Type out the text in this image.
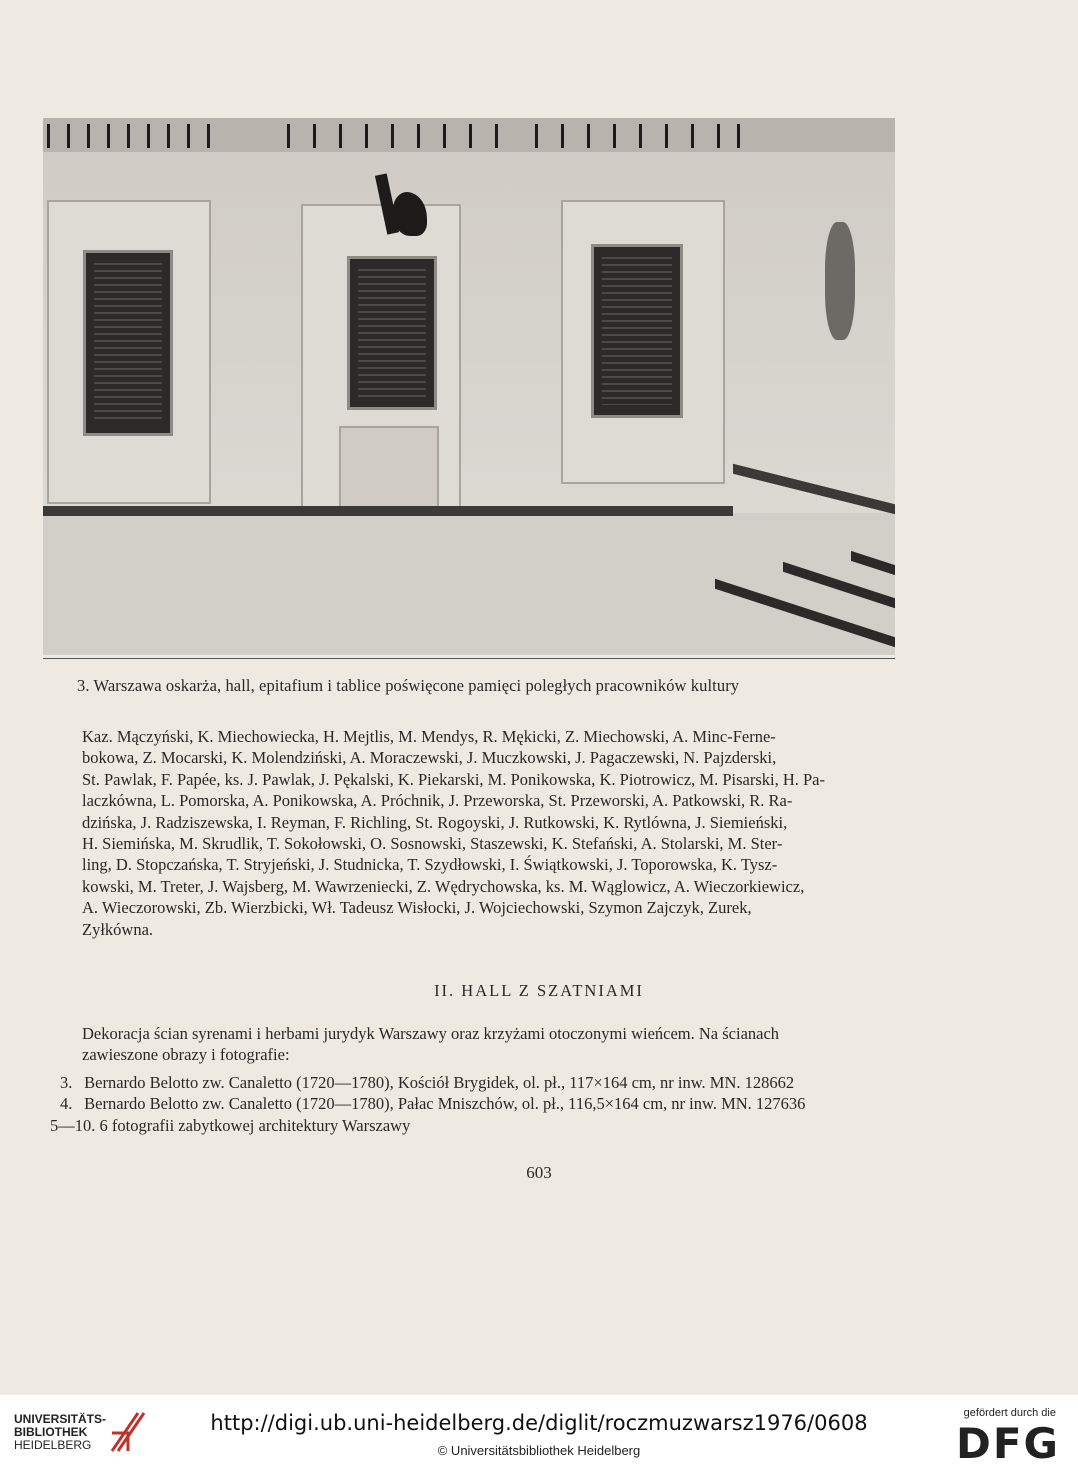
3. Warszawa oskarża, hall, epitafium i tablice poświęcone pamięci poległych pracowników kultury
Kaz. Mączyński, K. Miechowiecka, H. Mejtlis, M. Mendys, R. Mękicki, Z. Miechowski, A. Minc-Ferne-
bokowa, Z. Mocarski, K. Molendziński, A. Moraczewski, J. Muczkowski, J. Pagaczewski, N. Pajzderski,
St. Pawlak, F. Papée, ks. J. Pawlak, J. Pękalski, K. Piekarski, M. Ponikowska, K. Piotrowicz, M. Pisarski, H. Pa-
laczkówna, L. Pomorska, A. Ponikowska, A. Próchnik, J. Przeworska, St. Przeworski, A. Patkowski, R. Ra-
dzińska, J. Radziszewska, I. Reyman, F. Richling, St. Rogoyski, J. Rutkowski, K. Rytlówna, J. Siemieński,
H. Siemińska, M. Skrudlik, T. Sokołowski, O. Sosnowski, Staszewski, K. Stefański, A. Stolarski, M. Ster-
ling, D. Stopczańska, T. Stryjeński, J. Studnicka, T. Szydłowski, I. Świątkowski, J. Toporowska, K. Tysz-
kowski, M. Treter, J. Wajsberg, M. Wawrzeniecki, Z. Wędrychowska, ks. M. Wąglowicz, A. Wieczorkiewicz,
A. Wieczorowski, Zb. Wierzbicki, Wł. Tadeusz Wisłocki, J. Wojciechowski, Szymon Zajczyk, Zurek,
Zyłkówna.
II. HALL Z SZATNIAMI
Dekoracja ścian syrenami i herbami jurydyk Warszawy oraz krzyżami otoczonymi wieńcem. Na ścianach
zawieszone obrazy i fotografie:
3. Bernardo Belotto zw. Canaletto (1720—1780), Kościół Brygidek, ol. pł., 117×164 cm, nr inw. MN. 128662
4. Bernardo Belotto zw. Canaletto (1720—1780), Pałac Mniszchów, ol. pł., 116,5×164 cm, nr inw. MN. 127636
5—10. 6 fotografii zabytkowej architektury Warszawy
603
UNIVERSITÄTS-
BIBLIOTHEK
HEIDELBERG
http://digi.ub.uni-heidelberg.de/diglit/roczmuzwarsz1976/0608
© Universitätsbibliothek Heidelberg
gefördert durch die
DFG
